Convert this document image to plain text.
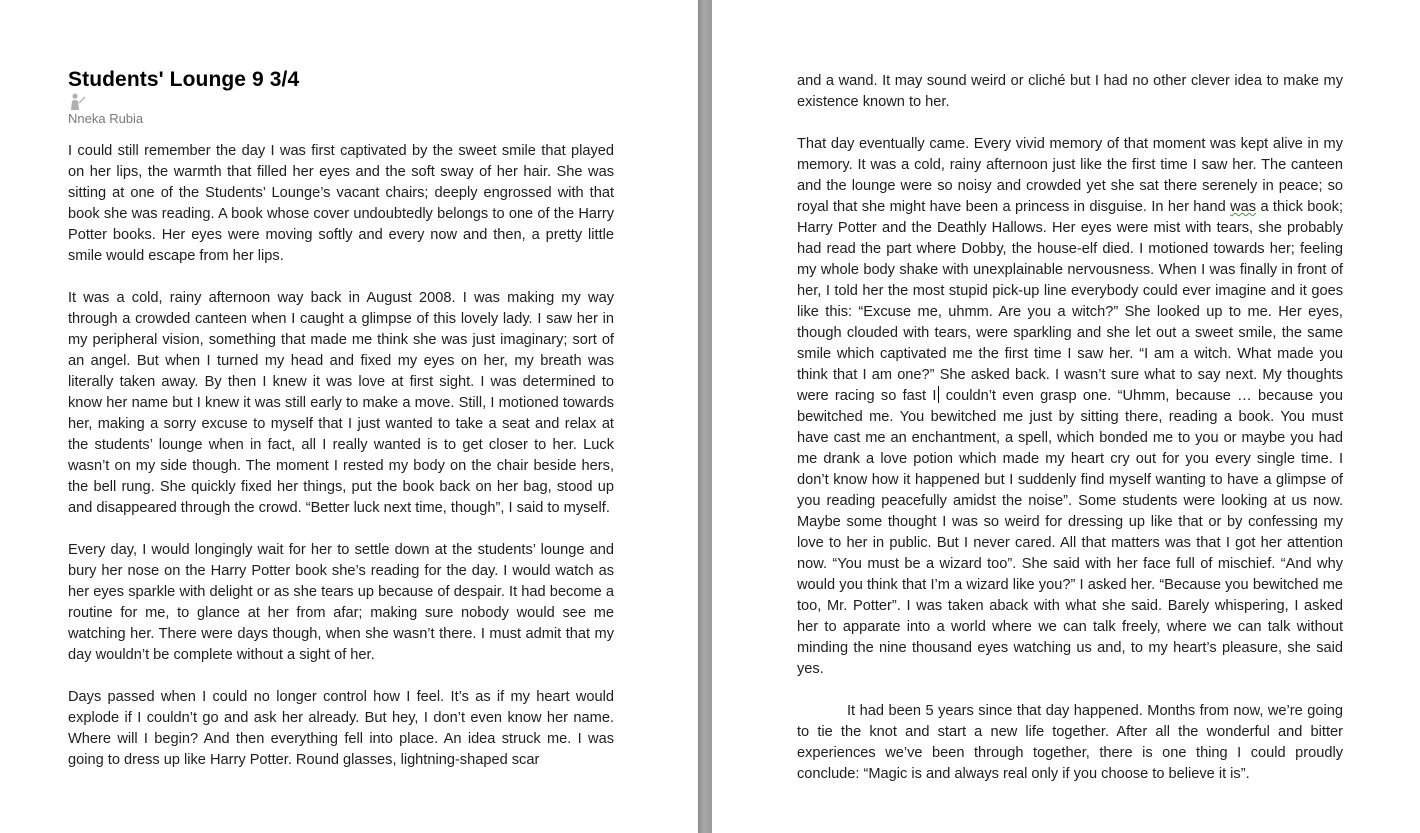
Students' Lounge 9 3/4
Nneka Rubia

I could still remember the day I was first captivated by the sweet smile that played on her lips, the warmth that filled her eyes and the soft sway of her hair. She was sitting at one of the Students’ Lounge’s vacant chairs; deeply engrossed with that book she was reading. A book whose cover undoubtedly belongs to one of the Harry Potter books. Her eyes were moving softly and every now and then, a pretty little smile would escape from her lips.

It was a cold, rainy afternoon way back in August 2008. I was making my way through a crowded canteen when I caught a glimpse of this lovely lady. I saw her in my peripheral vision, something that made me think she was just imaginary; sort of an angel. But when I turned my head and fixed my eyes on her, my breath was literally taken away. By then I knew it was love at first sight. I was determined to know her name but I knew it was still early to make a move. Still, I motioned towards her, making a sorry excuse to myself that I just wanted to take a seat and relax at the students’ lounge when in fact, all I really wanted is to get closer to her. Luck wasn’t on my side though. The moment I rested my body on the chair beside hers, the bell rung. She quickly fixed her things, put the book back on her bag, stood up and disappeared through the crowd. “Better luck next time, though”, I said to myself.

Every day, I would longingly wait for her to settle down at the students’ lounge and bury her nose on the Harry Potter book she’s reading for the day. I would watch as her eyes sparkle with delight or as she tears up because of despair. It had become a routine for me, to glance at her from afar; making sure nobody would see me watching her. There were days though, when she wasn’t there. I must admit that my day wouldn’t be complete without a sight of her.

Days passed when I could no longer control how I feel. It’s as if my heart would explode if I couldn’t go and ask her already. But hey, I don’t even know her name. Where will I begin? And then everything fell into place. An idea struck me. I was going to dress up like Harry Potter. Round glasses, lightning-shaped scar

and a wand. It may sound weird or cliché but I had no other clever idea to make my existence known to her.

That day eventually came. Every vivid memory of that moment was kept alive in my memory. It was a cold, rainy afternoon just like the first time I saw her. The canteen and the lounge were so noisy and crowded yet she sat there serenely in peace; so royal that she might have been a princess in disguise. In her hand was a thick book; Harry Potter and the Deathly Hallows. Her eyes were mist with tears, she probably had read the part where Dobby, the house-elf died. I motioned towards her; feeling my whole body shake with unexplainable nervousness. When I was finally in front of her, I told her the most stupid pick-up line everybody could ever imagine and it goes like this: “Excuse me, uhmm. Are you a witch?” She looked up to me. Her eyes, though clouded with tears, were sparkling and she let out a sweet smile, the same smile which captivated me the first time I saw her. “I am a witch. What made you think that I am one?” She asked back. I wasn’t sure what to say next. My thoughts were racing so fast I couldn’t even grasp one. “Uhmm, because … because you bewitched me. You bewitched me just by sitting there, reading a book. You must have cast me an enchantment, a spell, which bonded me to you or maybe you had me drank a love potion which made my heart cry out for you every single time. I don’t know how it happened but I suddenly find myself wanting to have a glimpse of you reading peacefully amidst the noise”. Some students were looking at us now. Maybe some thought I was so weird for dressing up like that or by confessing my love to her in public. But I never cared. All that matters was that I got her attention now. “You must be a wizard too”. She said with her face full of mischief. “And why would you think that I’m a wizard like you?” I asked her. “Because you bewitched me too, Mr. Potter”. I was taken aback with what she said. Barely whispering, I asked her to apparate into a world where we can talk freely, where we can talk without minding the nine thousand eyes watching us and, to my heart’s pleasure, she said yes.

It had been 5 years since that day happened. Months from now, we’re going to tie the knot and start a new life together. After all the wonderful and bitter experiences we’ve been through together, there is one thing I could proudly conclude: “Magic is and always real only if you choose to believe it is”.
